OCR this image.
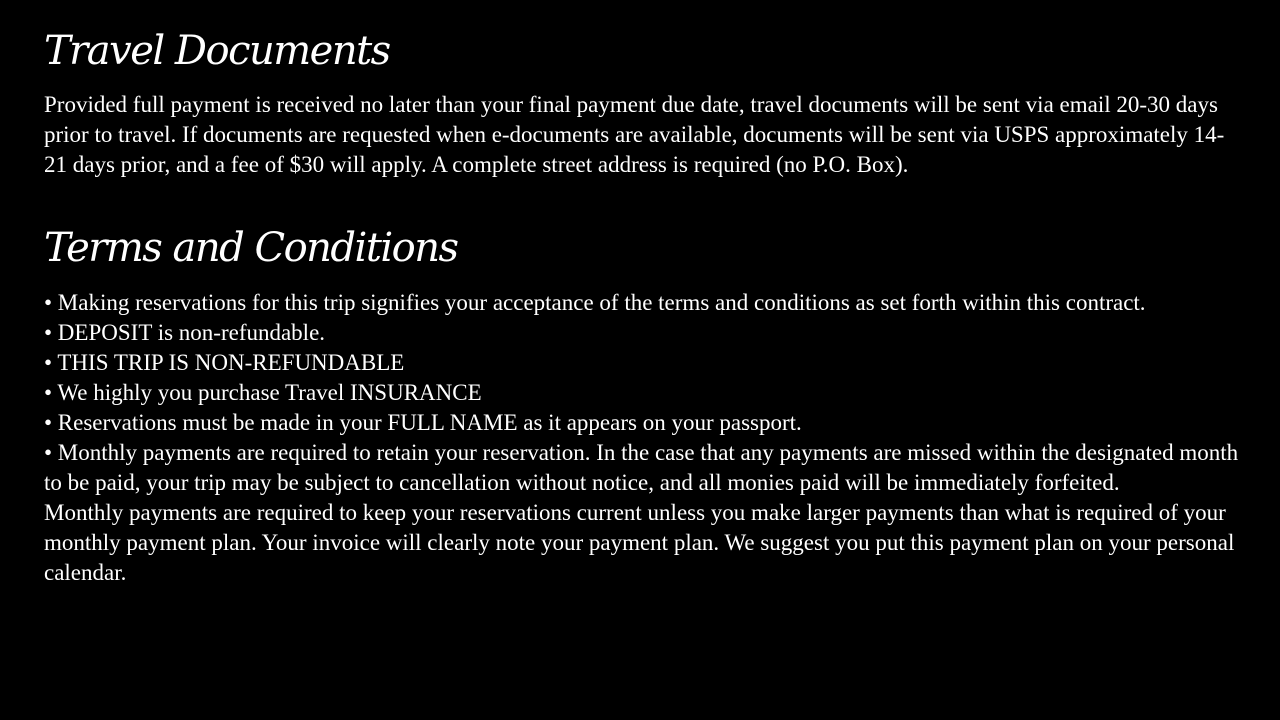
Travel Documents

Provided full payment is received no later than your final payment due date, travel documents will be sent via email 20-30 days prior to travel. If documents are requested when e-documents are available, documents will be sent via USPS approximately 14-21 days prior, and a fee of $30 will apply. A complete street address is required (no P.O. Box).

Terms and Conditions
• Making reservations for this trip signifies your acceptance of the terms and conditions as set forth within this contract.
• DEPOSIT is non-refundable.
• THIS TRIP IS NON-REFUNDABLE
• We highly you purchase Travel INSURANCE
• Reservations must be made in your FULL NAME as it appears on your passport.
• Monthly payments are required to retain your reservation. In the case that any payments are missed within the designated month to be paid, your trip may be subject to cancellation without notice, and all monies paid will be immediately forfeited.
Monthly payments are required to keep your reservations current unless you make larger payments than what is required of your monthly payment plan. Your invoice will clearly note your payment plan. We suggest you put this payment plan on your personal calendar.
